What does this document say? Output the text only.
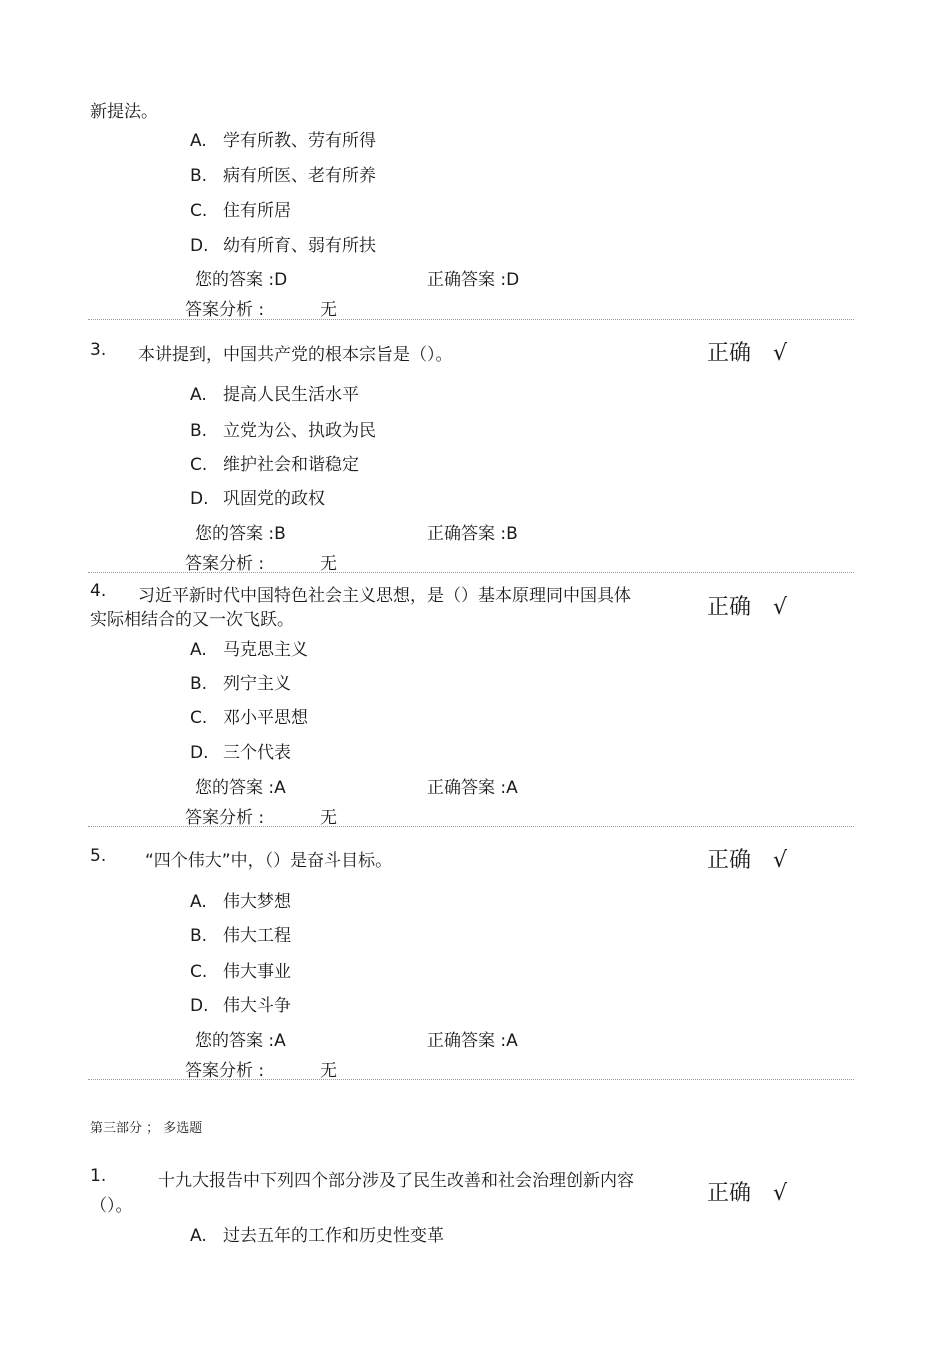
新提法。
A. 学有所教、劳有所得
B. 病有所医、老有所养
C. 住有所居
D. 幼有所育、弱有所扶
您的答案 :D	正确答案 :D
答案分析 :	无
3. 本讲提到，中国共产党的根本宗旨是（）。	正确 √
A. 提高人民生活水平
B. 立党为公、执政为民
C. 维护社会和谐稳定
D. 巩固党的政权
您的答案 :B	正确答案 :B
答案分析 :	无
4. 习近平新时代中国特色社会主义思想，是（）基本原理同中国具体
实际相结合的又一次飞跃。	正确 √
A. 马克思主义
B. 列宁主义
C. 邓小平思想
D. 三个代表
您的答案 :A	正确答案 :A
答案分析 :	无
5. “四个伟大”中，（）是奋斗目标。	正确 √
A. 伟大梦想
B. 伟大工程
C. 伟大事业
D. 伟大斗争
您的答案 :A	正确答案 :A
答案分析 :	无
第三部分 ； 多选题
1.	十九大报告中下列四个部分涉及了民生改善和社会治理创新内容
（）。	正确 √
A. 过去五年的工作和历史性变革
